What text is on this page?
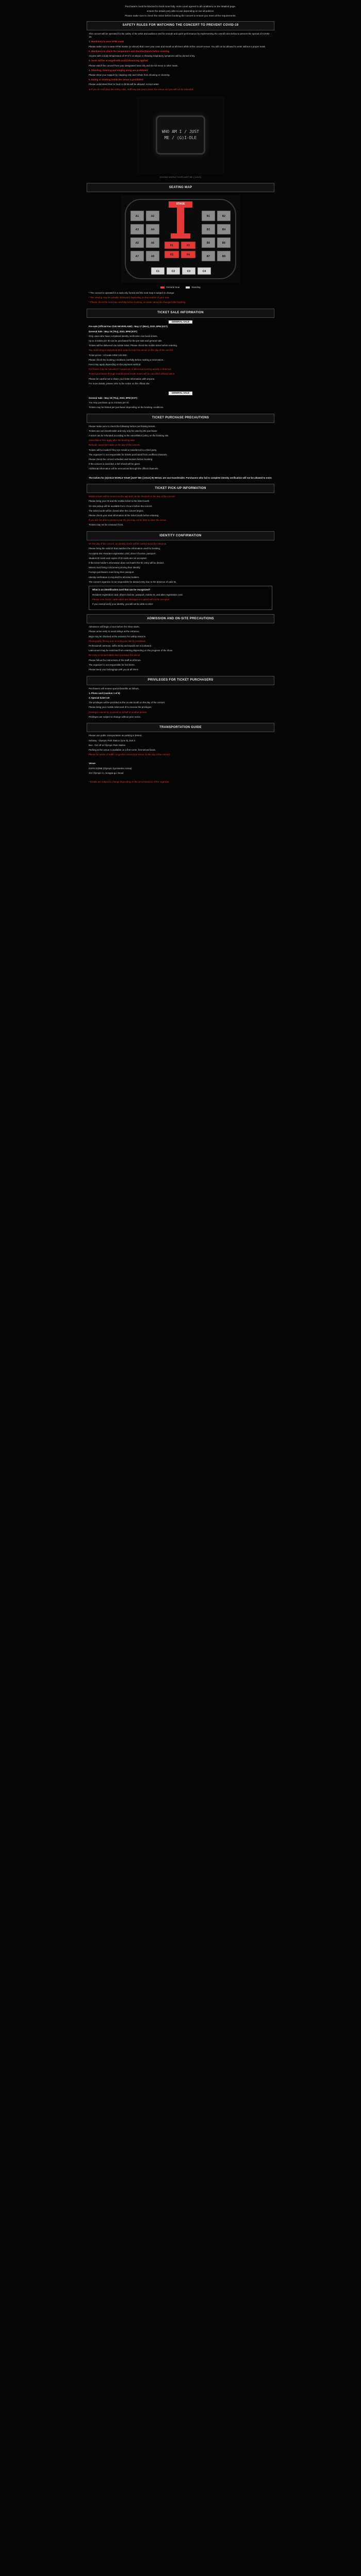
Purchasers could be blocked to book more fully, more count agreed to all conditions on the detailed page.

ensure the details very able to use depending on our all policies.

Please make sure to check the notice before booking the concert to ensure you meet all the requirements.

SAFETY RULES FOR WATCHING THE CONCERT TO PREVENT COVID-19

This concert will be operated for the safety of the artist and audience and for smooth and quick performance by implementing the overall rules below to prevent the spread of COVID-19.

1. Mandatory to wear KF94 mask

Please make sure to wear KF94 masks (or above) that cover your nose and mouth at all times while at the concert venue. You will not be allowed to enter without a proper mask.

2. Mandatory to check the temperature and disinfect hands before entering

Anyone with a body temperature of 37.5°C or above or showing respiratory symptoms will be denied entry.

3. Seats will be arranged with social distancing applied

Please watch the concert from your designated seat only and do not move to other seats.

4. Shouting, cheering and singing along are prohibited

Please show your support by clapping only and refrain from shouting or cheering.

5. Eating or drinking inside the venue is prohibited

Please understand that no food or drinks will be allowed, except water.

※ If you do not follow the safety rules, staff may ask you to leave the venue and you will not be refunded.

WHO AM I / JUST ME / (G)I-DLE
(G)I-DLE WORLD TOUR [JUST ME ( )I-DLE]
SEATING MAP
A1	A2
A3	A4
A5	A6
A7	A8
B1	B2
B3	B4
B5	B6
B7	B8
F1	F2
F3	F4
C1	C2	C3	C4
STAGE
General Seat	Standing

* The concert is operated in a seat-only format and the seat map is subject to change.

* The viewing may be partially obstructed depending on the location of your seat.

* Please check the seat map carefully before booking, as seats cannot be changed after booking.

TICKET SALE INFORMATION
GENERAL SALE

Pre-sale (Official Fan Club NEVERLAND) : May 17 (Mon), 2022, 8PM (KST)

General Sale : May 19 (Thu), 2022, 8PM (KST)

Only users who have completed identity verification can book tickets.

Up to 2 tickets per ID can be purchased for the pre-sale and general sale.

Tickets will be delivered via mobile ticket. Please check the mobile ticket before entering.

You must bring a valid photo ID in order to enter the venue on the day of the concert.

Ticket prices : All seats KRW 132,000

Please check the booking conditions carefully before making a reservation.

Fees may apply depending on the payment method.

Purchases may be cancelled if suspicious or abnormal booking activity is detected.

Tickets purchased through unauthorized resale routes will be cancelled without notice.

Please be careful not to share your ticket information with anyone.

For more details, please refer to the notice on the official site.

GENERAL SALE

General Sale : May 19 (Thu), 2022, 8PM (KST)

You may purchase up to 2 tickets per ID.

Tickets may be limited per purchaser depending on the booking conditions.

TICKET PURCHASE PRECAUTIONS

Please make sure to check the following before purchasing tickets.

Tickets are non-transferable and may only be used by the purchaser.

A ticket can be refunded according to the cancellation policy on the booking site.

Cancellation fees apply after the booking date.

Refunds cannot be made on the day of the concert.

Tickets will be invalid if they are resold or transferred to a third party.

The organizer is not responsible for tickets purchased from unofficial channels.

Please check the concert schedule and location before booking.

If the concert is canceled, a full refund will be given.

Additional information will be announced through the official channels.

The tickets for (G)I-DLE WORLD TOUR [JUST ME ( )I-DLE] IN SEOUL are non-transferable. Purchasers who fail to complete identity verification will not be allowed to enter.

TICKET PICK-UP INFORMATION

Mobile tickets will be issued via the app and can be checked on the day of the concert.

Please bring your ID and the mobile ticket to the ticket booth.

On-site pickup will be available from 2 hours before the concert.

The ticket booth will be closed after the concert begins.

Please check your seat information at the ticket booth before entering.

If you are not able to present your ID, you may not be able to enter the venue.

Tickets may not be reissued if lost.

IDENTITY CONFIRMATION

On the day of the concert, an identity check will be carried out at the entrance.

Please bring the valid ID that matches the information used for booking.

Accepted IDs: Resident registration card, driver's license, passport.

Student ID cards and copies of ID cards are not accepted.

If the ticket holder's information does not match the ID, entry will be denied.

Minors must bring a document proving their identity.

Foreign purchasers must bring their passport.

Identity verification is required for all ticket holders.

The concert organizer is not responsible for denied entry due to the absence of valid ID.

What is an identification card that can be recognized?

Resident registration card, driver's license, passport, mobile ID, and alien registration card.

Please note that ID cards which are damaged or expired will not be accepted.

If you cannot verify your identity, you will not be able to enter.

ADMISSION AND ON-SITE PRECAUTIONS

Admission will begin 1 hour before the show starts.

Please arrive early to avoid delays at the entrance.

Bags may be checked at the entrance for safety reasons.

Photography, filming and recording are strictly prohibited.

Professional cameras, selfie sticks and tripods are not allowed.

Latecomers may be restricted from entering depending on the progress of the show.

Re-entry is not permitted once you leave the venue.

Please follow the instructions of the staff at all times.

The organizer is not responsible for lost items.

Please keep your belongings with you at all times.

PRIVILEGES FOR TICKET PURCHASERS

Purchasers will receive special benefits as follows.

1. Photo card (random 1 of 6)

2. Special ticket set

The privileges will be provided at the on-site booth on the day of the concert.

Please bring your mobile ticket and ID to receive the privileges.

Privileges cannot be received on behalf of another person.

Privileges are subject to change without prior notice.

TRANSPORTATION GUIDE

Please use public transportation as parking is limited.

Subway : Olympic Park Station (Line 5), Exit 3

Bus : Get off at Olympic Park Station

Parking at the venue is available on a first-come, first-served basis.

Please be aware of traffic congestion around the venue on the day of the concert.

Venue

KSPO DOME (Olympic Gymnastics Arena)

424 Olympic-ro, Songpa-gu, Seoul

* Details are subject to change depending on the circumstances of the organizer.
